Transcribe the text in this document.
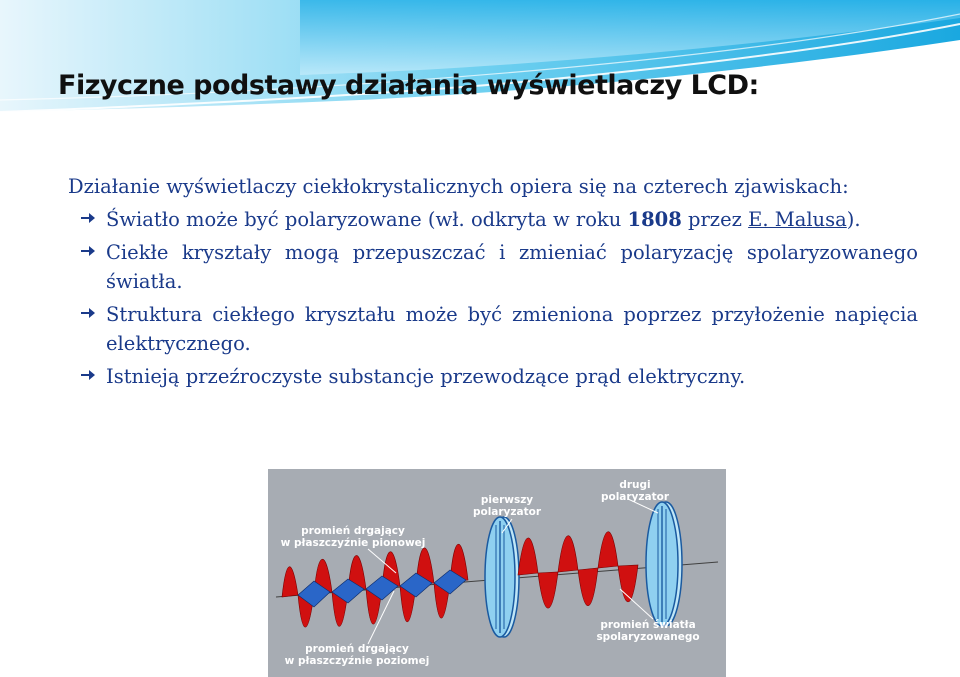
Fizyczne podstawy działania wyświetlaczy LCD:
Działanie wyświetlaczy ciekłokrystalicznych opiera się na czterech zjawiskach:
Światło może być polaryzowane (wł. odkryta w roku 1808 przez E. Malusa).
Ciekłe kryształy mogą przepuszczać i zmieniać polaryzację spolaryzowanego światła.
Struktura ciekłego kryształu może być zmieniona poprzez przyłożenie napięcia elektrycznego.
Istnieją przeźroczyste substancje przewodzące prąd elektryczny.
promień drgający
w płaszczyźnie pionowej
promień drgający
w płaszczyźnie poziomej
pierwszy
polaryzator
drugi
polaryzator
promień światła
spolaryzowanego
